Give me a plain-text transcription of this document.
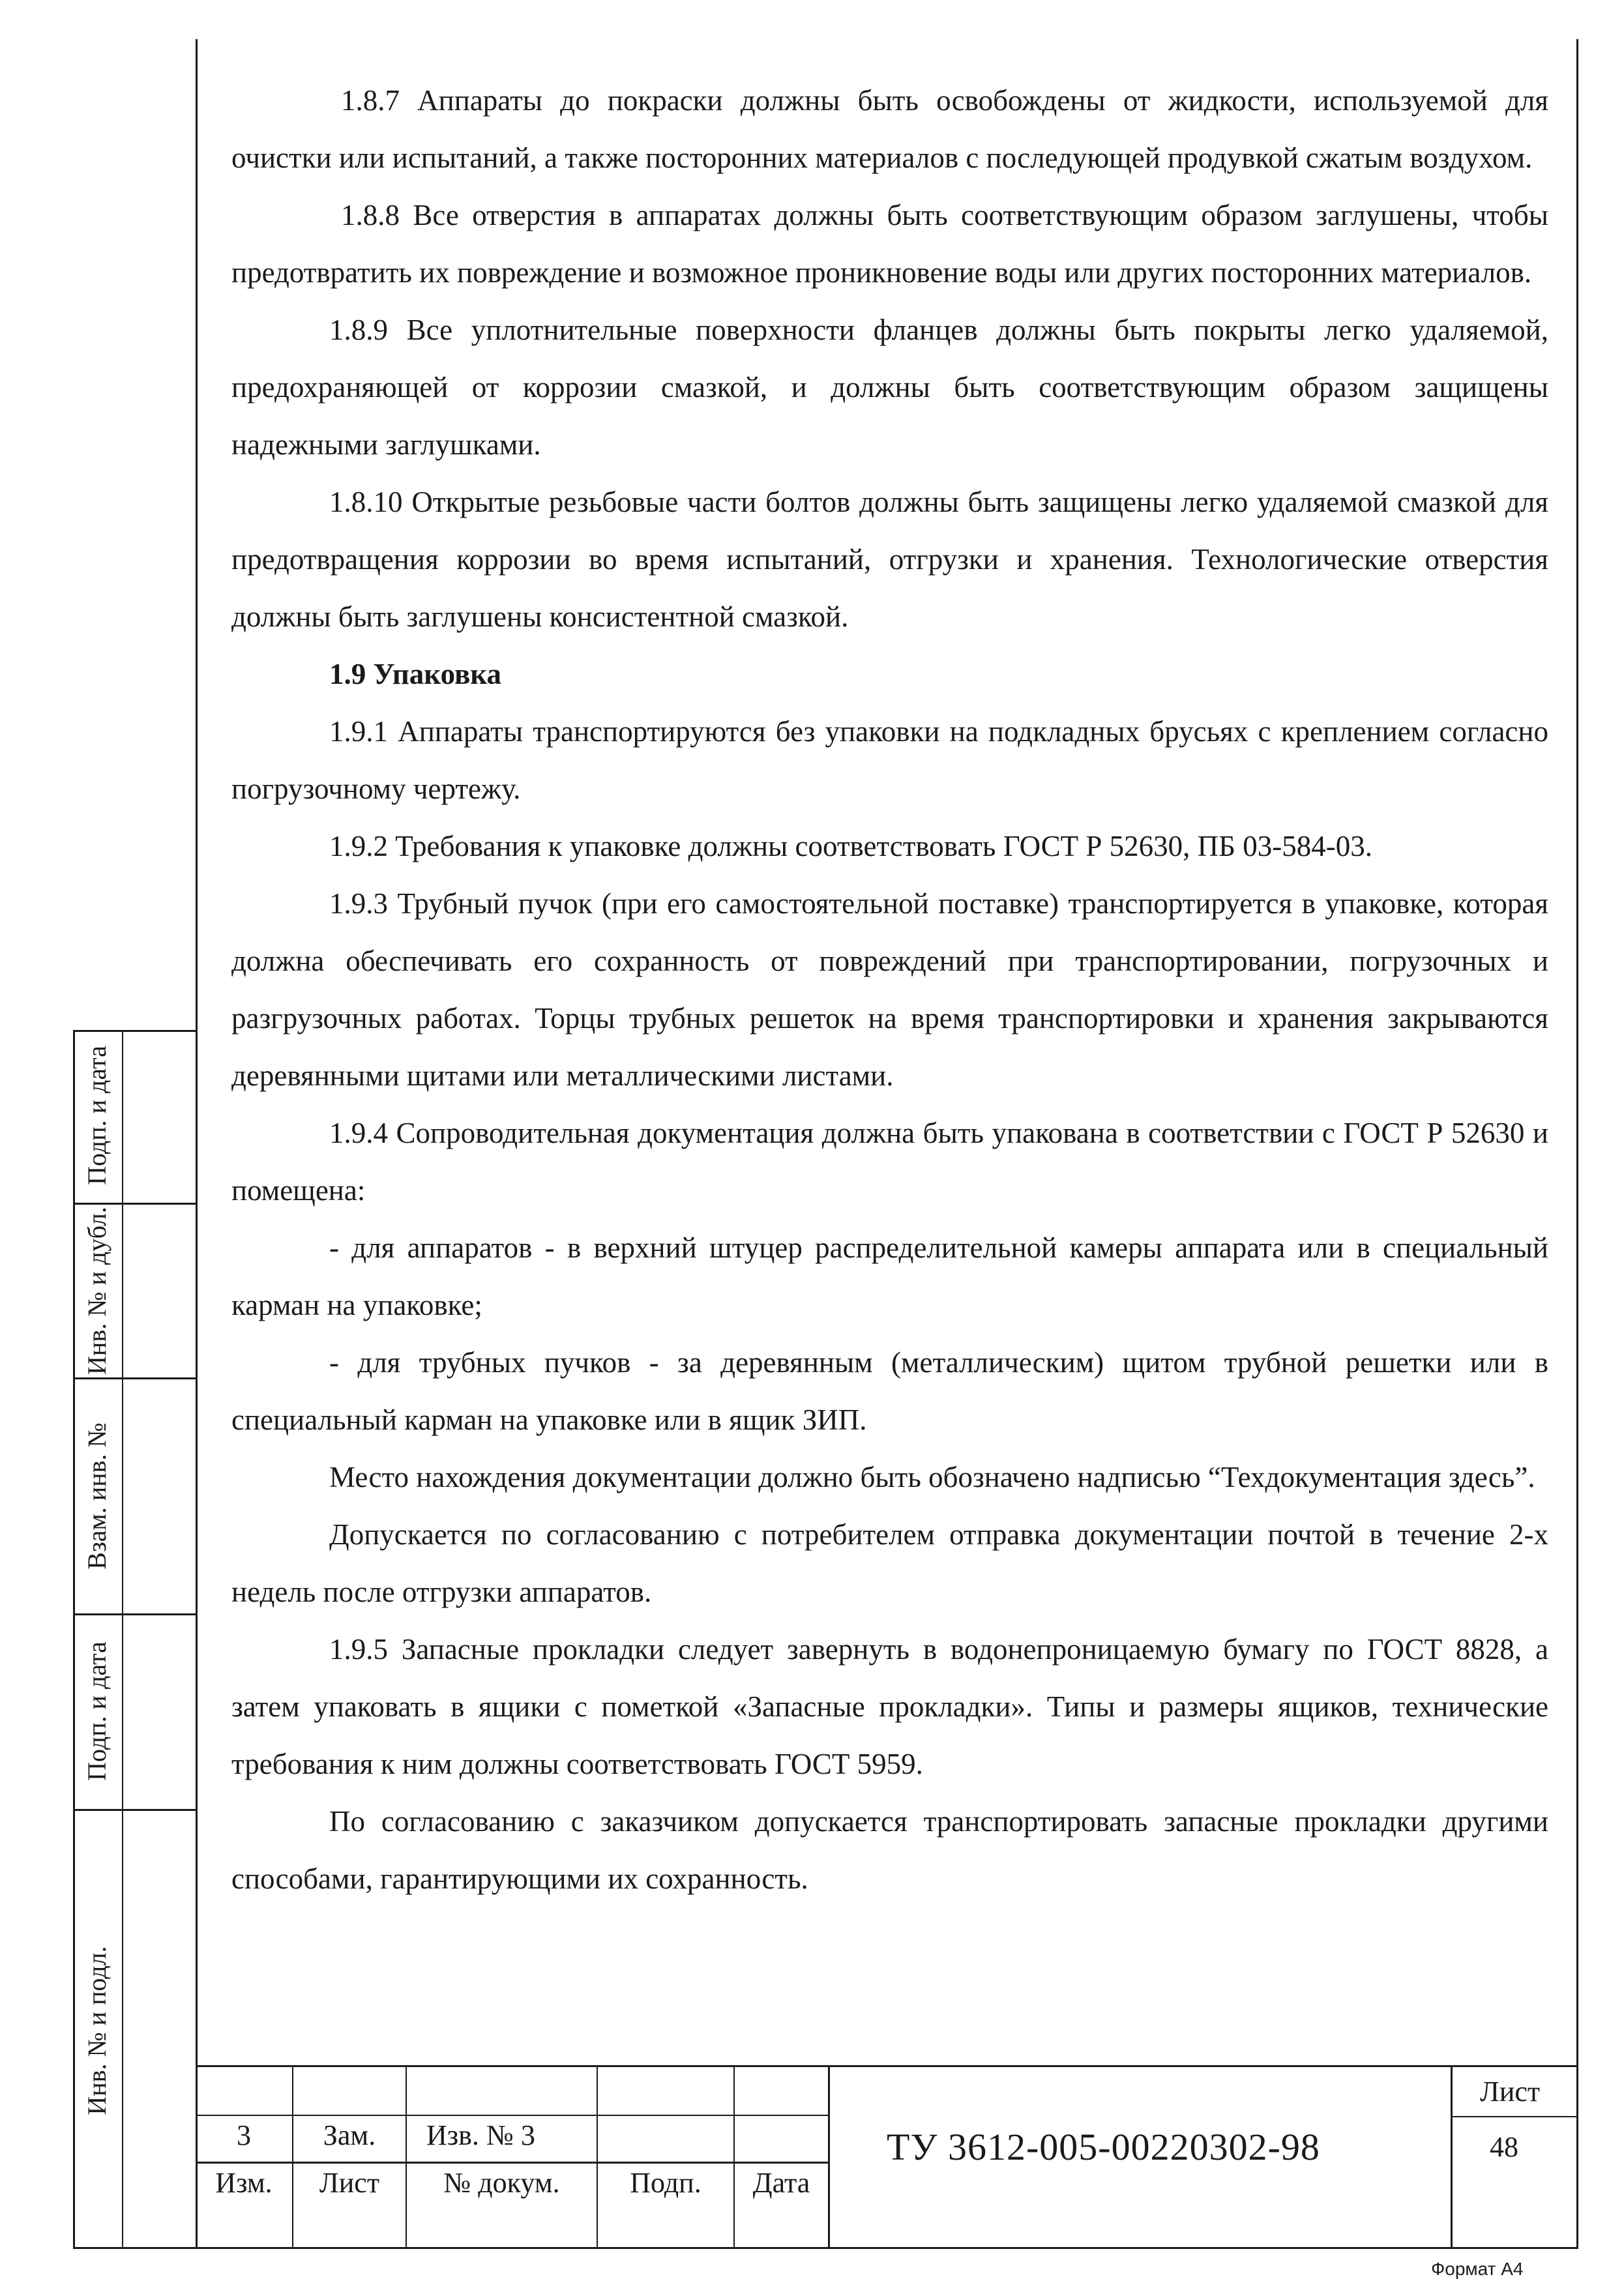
Подп. и дата
Инв. № и дубл.
Взам. инв. №
Подп. и дата
Инв. № и подл.

1.8.7 Аппараты до покраски должны быть освобождены от жидкости, используемой для очистки или испытаний, а также посторонних материалов с последующей продувкой сжатым воздухом.

1.8.8 Все отверстия в аппаратах должны быть соответствующим образом заглушены, чтобы предотвратить их повреждение и возможное проникновение воды или других посторонних материалов.

1.8.9 Все уплотнительные поверхности фланцев должны быть покрыты легко удаляемой, предохраняющей от коррозии смазкой, и должны быть соответствующим образом защищены надежными заглушками.

1.8.10 Открытые резьбовые части болтов должны быть защищены легко удаляемой смазкой для предотвращения коррозии во время испытаний, отгрузки и хранения. Технологические отверстия должны быть заглушены консистентной смазкой.

1.9 Упаковка

1.9.1 Аппараты транспортируются без упаковки на подкладных брусьях с креплением согласно погрузочному чертежу.

1.9.2 Требования к упаковке должны соответствовать ГОСТ Р 52630, ПБ 03-584-03.

1.9.3 Трубный пучок (при его самостоятельной поставке) транспортируется в упаковке, которая должна обеспечивать его сохранность от повреждений при транспортировании, погрузочных и разгрузочных работах. Торцы трубных решеток на время транспортировки и хранения закрываются деревянными щитами или металлическими листами.

1.9.4 Сопроводительная документация должна быть упакована в соответствии с ГОСТ Р 52630 и помещена:

- для аппаратов - в верхний штуцер распределительной камеры аппарата или в специальный карман на упаковке;

- для трубных пучков - за деревянным (металлическим) щитом трубной решетки или в специальный карман на упаковке или в ящик ЗИП.

Место нахождения документации должно быть обозначено надписью “Техдокументация здесь”.

Допускается по согласованию с потребителем отправка документации почтой в течение 2-х недель после отгрузки аппаратов.

1.9.5 Запасные прокладки следует завернуть в водонепроницаемую бумагу по ГОСТ 8828, а затем упаковать в ящики с пометкой «Запасные прокладки». Типы и размеры ящиков, технические требования к ним должны соответствовать ГОСТ 5959.

По согласованию с заказчиком допускается транспортировать запасные прокладки другими способами, гарантирующими их сохранность.

3	Зам.	Изв. № 3
Изм.	Лист	№ докум.	Подп.	Дата
ТУ 3612-005-00220302-98
Лист
48
Формат А4
